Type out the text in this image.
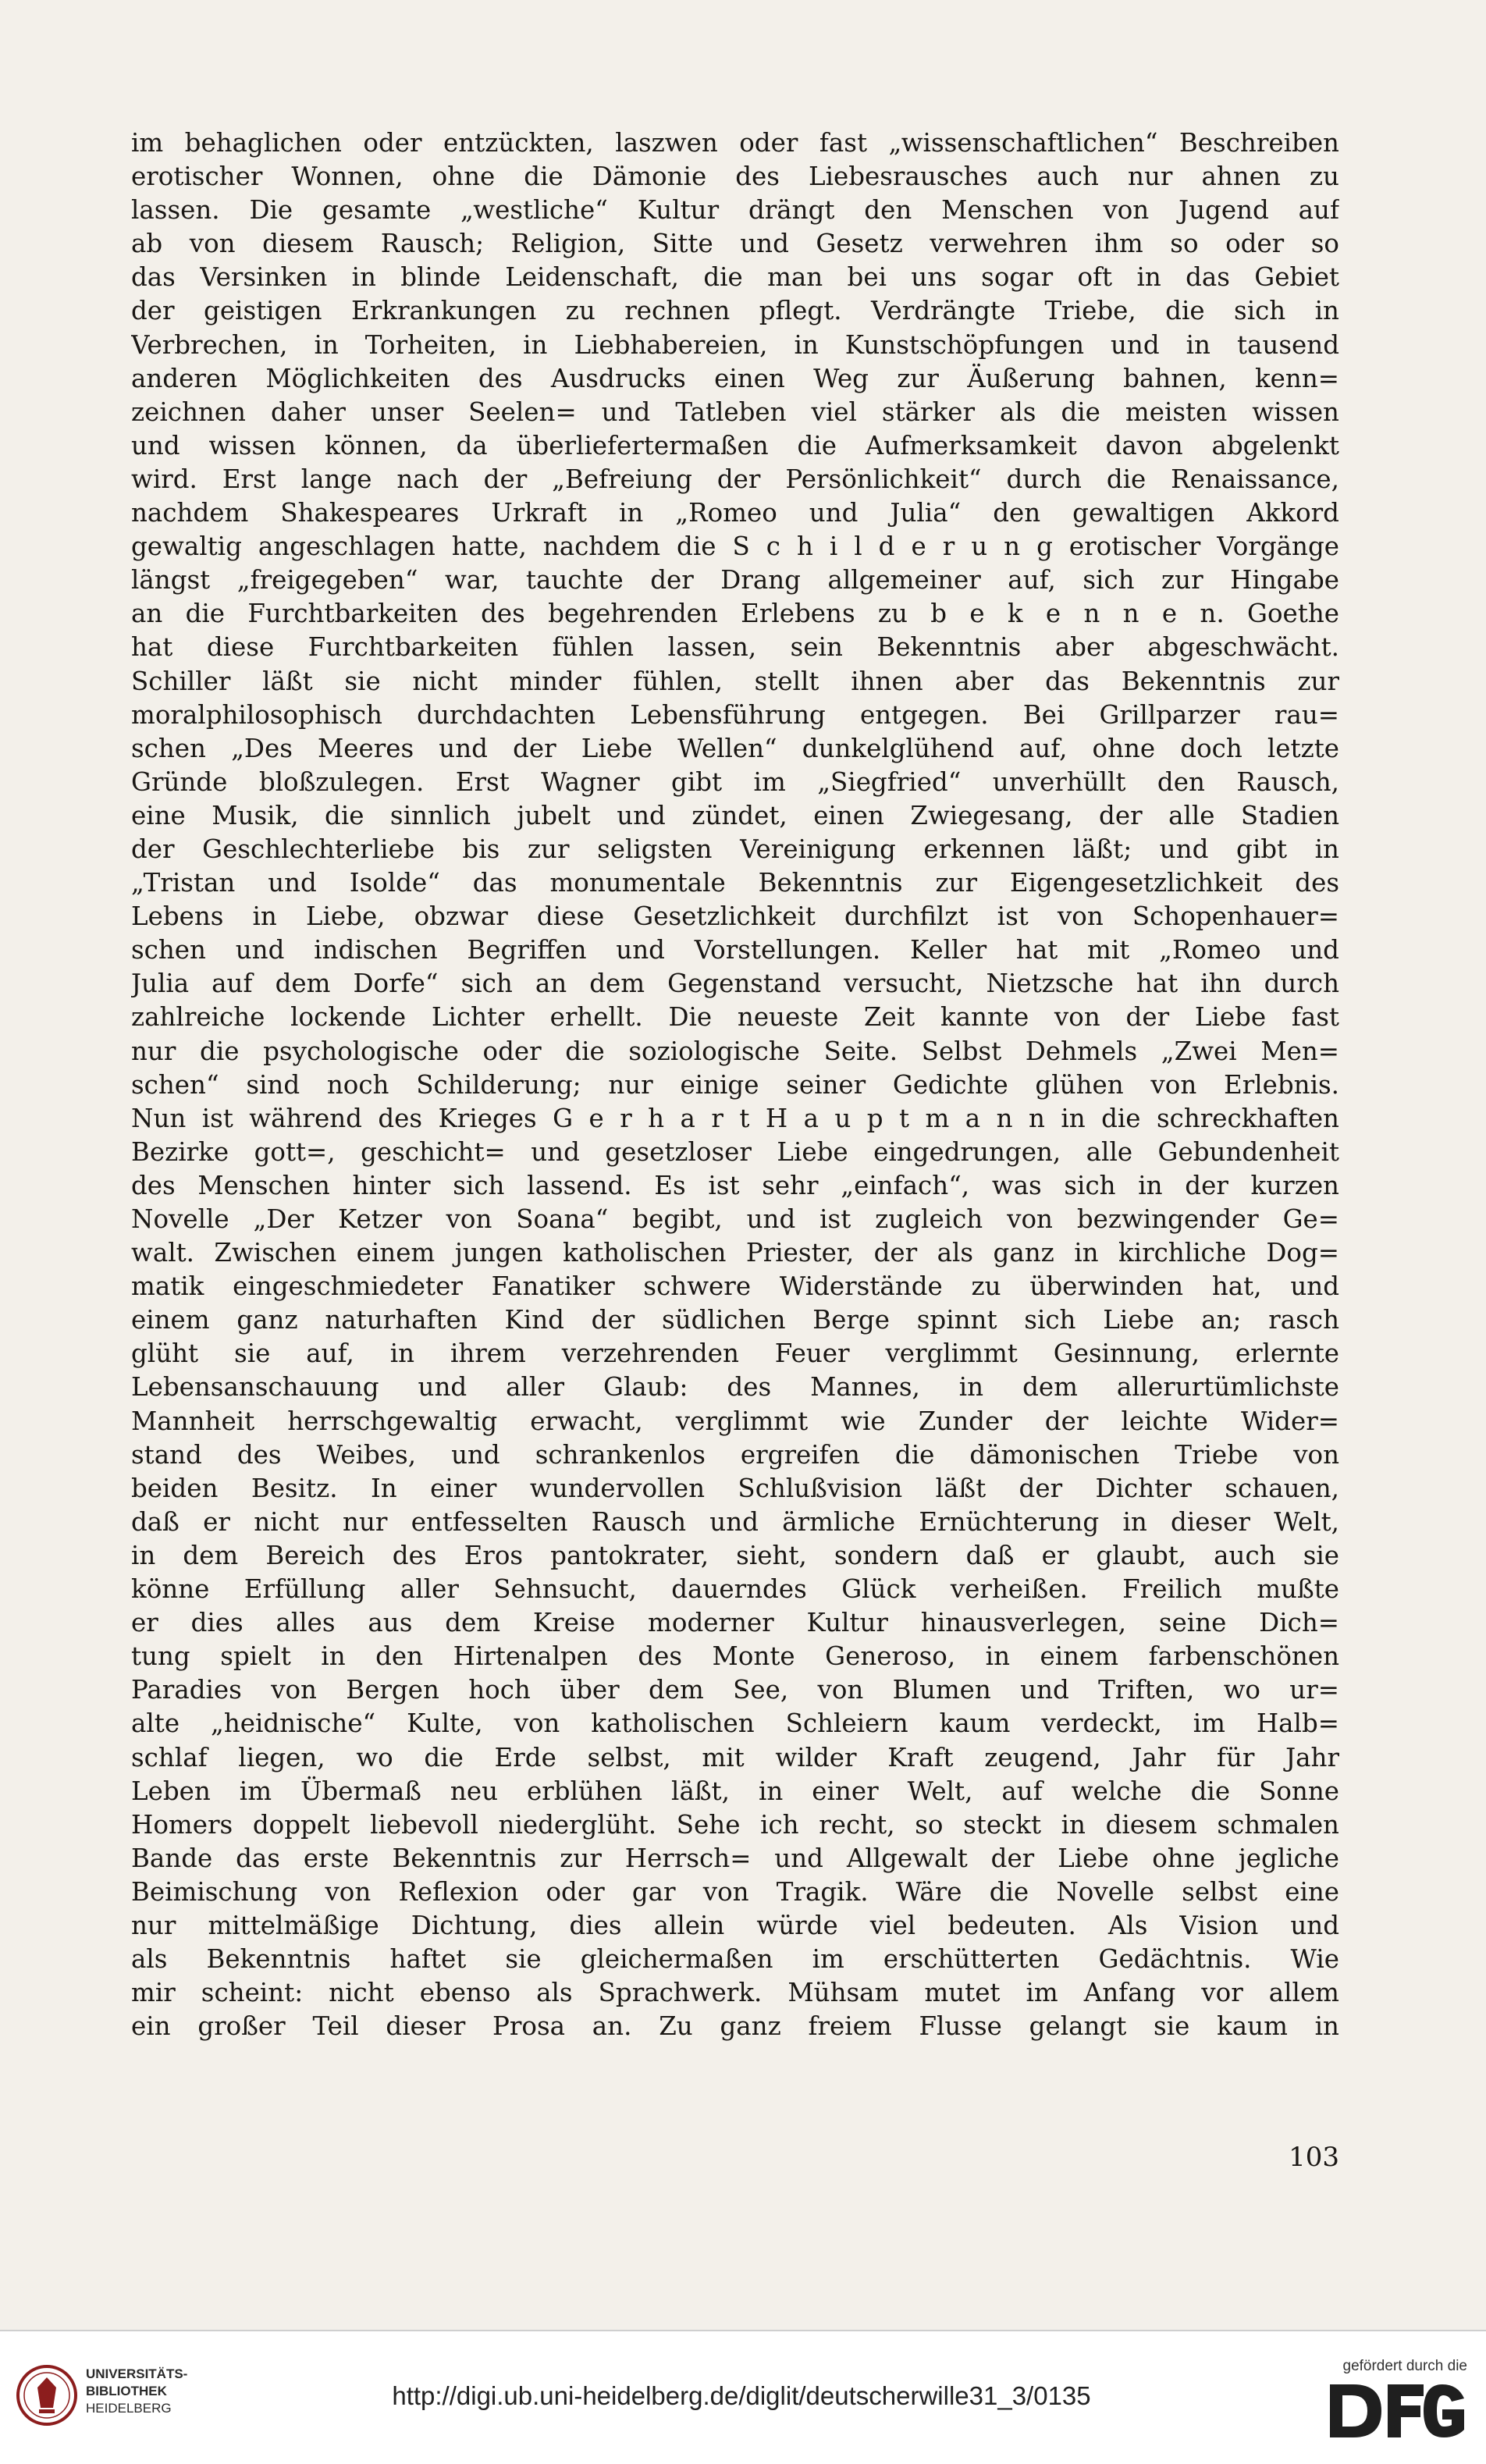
im behaglichen oder entzückten, laszwen oder fast „wissenschaftlichen“ Beschreiben
erotischer Wonnen, ohne die Dämonie des Liebesrausches auch nur ahnen zu
lassen. Die gesamte „westliche“ Kultur drängt den Menschen von Jugend auf
ab von diesem Rausch; Religion, Sitte und Gesetz verwehren ihm so oder so
das Versinken in blinde Leidenschaft, die man bei uns sogar oft in das Gebiet
der geistigen Erkrankungen zu rechnen pflegt. Verdrängte Triebe, die sich in
Verbrechen, in Torheiten, in Liebhabereien, in Kunstschöpfungen und in tausend
anderen Möglichkeiten des Ausdrucks einen Weg zur Äußerung bahnen, kenn=
zeichnen daher unser Seelen= und Tatleben viel stärker als die meisten wissen
und wissen können, da überliefertermaßen die Aufmerksamkeit davon abgelenkt
wird. Erst lange nach der „Befreiung der Persönlichkeit“ durch die Renaissance,
nachdem Shakespeares Urkraft in „Romeo und Julia“ den gewaltigen Akkord
gewaltig angeschlagen hatte, nachdem die S c h i l d e r u n g erotischer Vorgänge
längst „freigegeben“ war, tauchte der Drang allgemeiner auf, sich zur Hingabe
an die Furchtbarkeiten des begehrenden Erlebens zu b e k e n n e n. Goethe
hat diese Furchtbarkeiten fühlen lassen, sein Bekenntnis aber abgeschwächt.
Schiller läßt sie nicht minder fühlen, stellt ihnen aber das Bekenntnis zur
moralphilosophisch durchdachten Lebensführung entgegen. Bei Grillparzer rau=
schen „Des Meeres und der Liebe Wellen“ dunkelglühend auf, ohne doch letzte
Gründe bloßzulegen. Erst Wagner gibt im „Siegfried“ unverhüllt den Rausch,
eine Musik, die sinnlich jubelt und zündet, einen Zwiegesang, der alle Stadien
der Geschlechterliebe bis zur seligsten Vereinigung erkennen läßt; und gibt in
„Tristan und Isolde“ das monumentale Bekenntnis zur Eigengesetzlichkeit des
Lebens in Liebe, obzwar diese Gesetzlichkeit durchfilzt ist von Schopenhauer=
schen und indischen Begriffen und Vorstellungen. Keller hat mit „Romeo und
Julia auf dem Dorfe“ sich an dem Gegenstand versucht, Nietzsche hat ihn durch
zahlreiche lockende Lichter erhellt. Die neueste Zeit kannte von der Liebe fast
nur die psychologische oder die soziologische Seite. Selbst Dehmels „Zwei Men=
schen“ sind noch Schilderung; nur einige seiner Gedichte glühen von Erlebnis.
Nun ist während des Krieges G e r h a r t H a u p t m a n n in die schreckhaften
Bezirke gott=, geschicht= und gesetzloser Liebe eingedrungen, alle Gebundenheit
des Menschen hinter sich lassend. Es ist sehr „einfach“, was sich in der kurzen
Novelle „Der Ketzer von Soana“ begibt, und ist zugleich von bezwingender Ge=
walt. Zwischen einem jungen katholischen Priester, der als ganz in kirchliche Dog=
matik eingeschmiedeter Fanatiker schwere Widerstände zu überwinden hat, und
einem ganz naturhaften Kind der südlichen Berge spinnt sich Liebe an; rasch
glüht sie auf, in ihrem verzehrenden Feuer verglimmt Gesinnung, erlernte
Lebensanschauung und aller Glaub: des Mannes, in dem allerurtümlichste
Mannheit herrschgewaltig erwacht, verglimmt wie Zunder der leichte Wider=
stand des Weibes, und schrankenlos ergreifen die dämonischen Triebe von
beiden Besitz. In einer wundervollen Schlußvision läßt der Dichter schauen,
daß er nicht nur entfesselten Rausch und ärmliche Ernüchterung in dieser Welt,
in dem Bereich des Eros pantokrater, sieht, sondern daß er glaubt, auch sie
könne Erfüllung aller Sehnsucht, dauerndes Glück verheißen. Freilich mußte
er dies alles aus dem Kreise moderner Kultur hinausverlegen, seine Dich=
tung spielt in den Hirtenalpen des Monte Generoso, in einem farbenschönen
Paradies von Bergen hoch über dem See, von Blumen und Triften, wo ur=
alte „heidnische“ Kulte, von katholischen Schleiern kaum verdeckt, im Halb=
schlaf liegen, wo die Erde selbst, mit wilder Kraft zeugend, Jahr für Jahr
Leben im Übermaß neu erblühen läßt, in einer Welt, auf welche die Sonne
Homers doppelt liebevoll niederglüht. Sehe ich recht, so steckt in diesem schmalen
Bande das erste Bekenntnis zur Herrsch= und Allgewalt der Liebe ohne jegliche
Beimischung von Reflexion oder gar von Tragik. Wäre die Novelle selbst eine
nur mittelmäßige Dichtung, dies allein würde viel bedeuten. Als Vision und
als Bekenntnis haftet sie gleichermaßen im erschütterten Gedächtnis. Wie
mir scheint: nicht ebenso als Sprachwerk. Mühsam mutet im Anfang vor allem
ein großer Teil dieser Prosa an. Zu ganz freiem Flusse gelangt sie kaum in
103
UNIVERSITÄTS-
BIBLIOTHEK
HEIDELBERG	http://digi.ub.uni-heidelberg.de/diglit/deutscherwille31_3/0135
gefördert durch die
